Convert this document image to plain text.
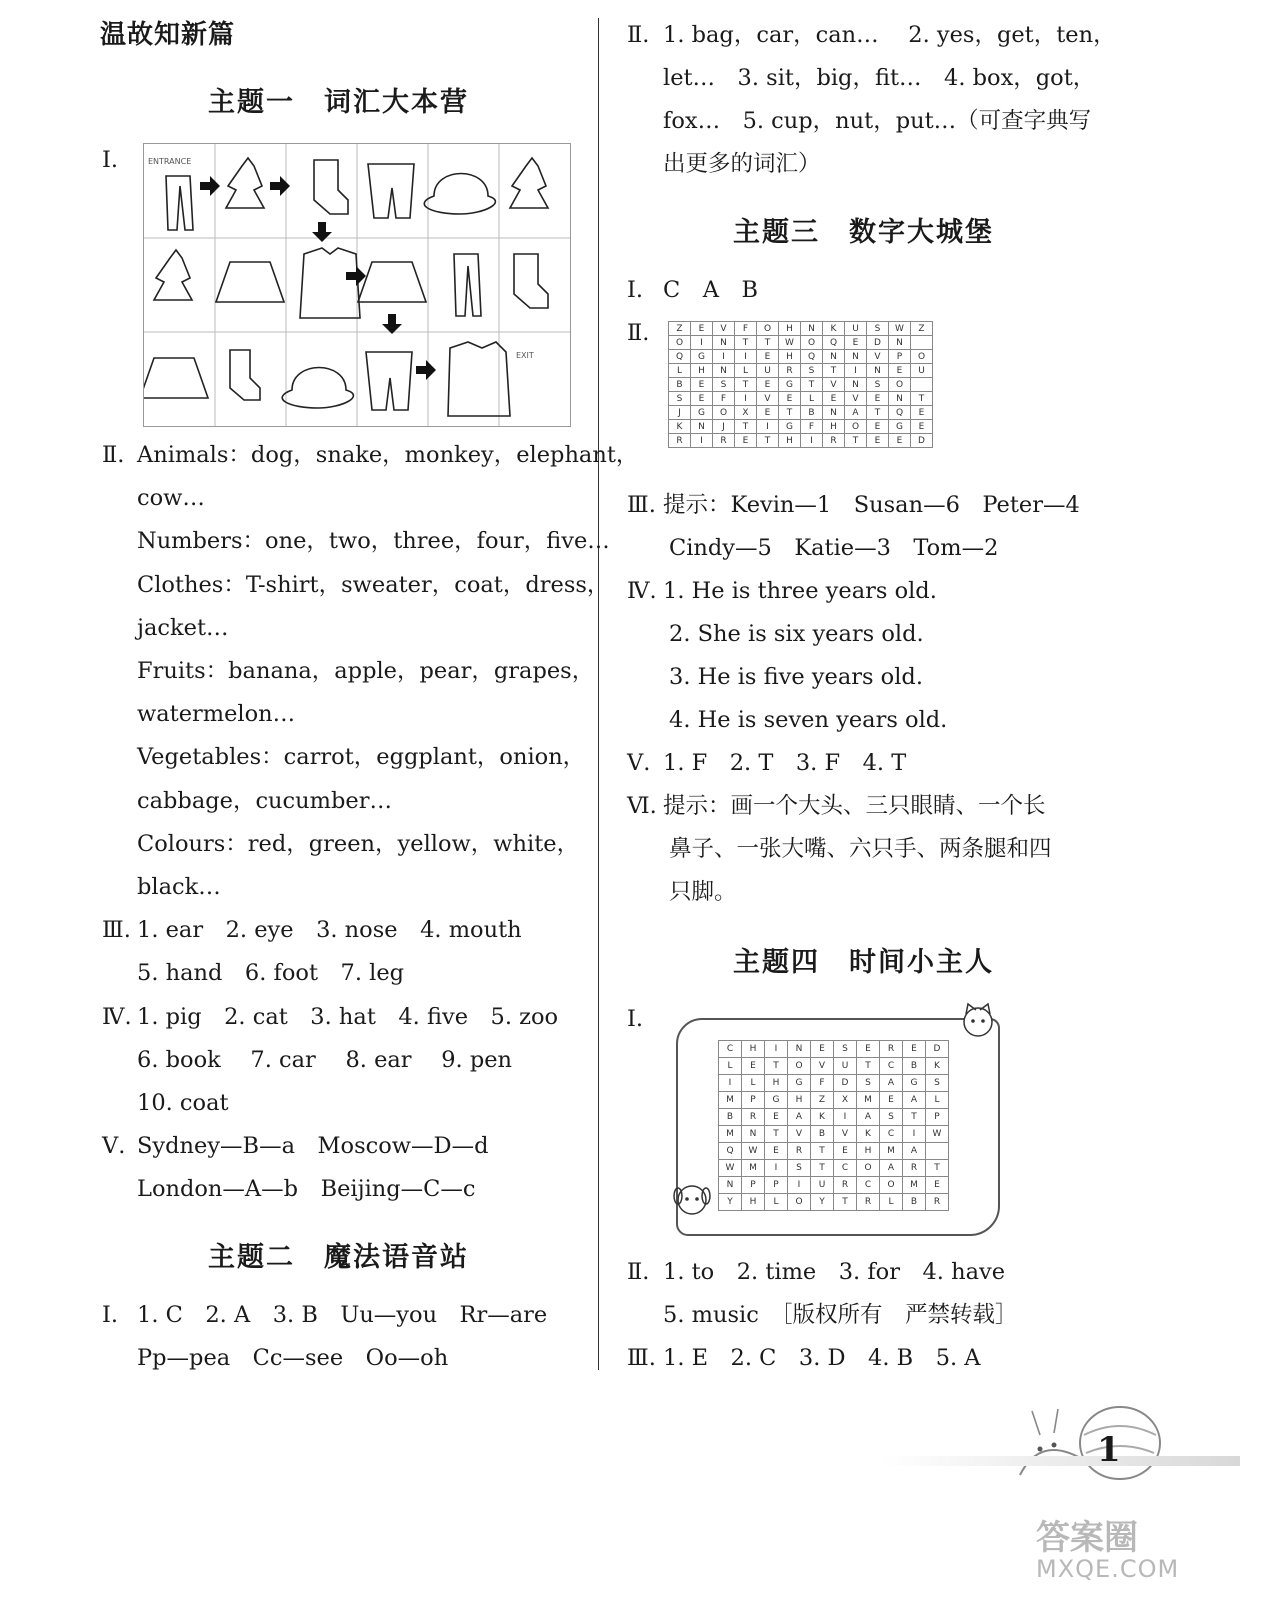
温故知新篇
主题一　词汇大本营
Ⅰ.
Ⅱ. Animals：dog，snake，monkey，elephant，
cow…
Numbers：one，two，three，four，five…
Clothes：T-shirt，sweater，coat，dress，
jacket…
Fruits：banana，apple，pear，grapes，
watermelon…
Vegetables：carrot，eggplant，onion，
cabbage，cucumber…
Colours：red，green，yellow，white，
black…
Ⅲ. 1. ear　2. eye　3. nose　4. mouth
5. hand　6. foot　7. leg
Ⅳ. 1. pig　2. cat　3. hat　4. five　5. zoo
6. book　 7. car　 8. ear　 9. pen
10. coat
Ⅴ. Sydney—B—a　Moscow—D—d
London—A—b　Beijing—C—c
ENTRANCE
EXIT
主题二　魔法语音站
Ⅰ. 1. C　2. A　3. B　Uu—you　Rr—are
Pp—pea　Cc—see　Oo—oh
Ⅱ. 1. bag，car，can…　 2. yes，get，ten，
let…　3. sit，big，fit…　4. box，got，
fox…　5. cup，nut，put…（可查字典写
出更多的词汇）
主题三　数字大城堡
Ⅰ. C　A　B
Ⅱ.
Ⅲ. 提示：Kevin—1　Susan—6　Peter—4
Cindy—5　Katie—3　Tom—2
Ⅳ. 1. He is three years old.
2. She is six years old.
3. He is five years old.
4. He is seven years old.
Ⅴ. 1. F　2. T　3. F　4. T
Ⅵ. 提示：画一个大头、三只眼睛、一个长
鼻子、一张大嘴、六只手、两条腿和四
只脚。
Z	E	V	F	O	H	N	K	U	S	W	Z
O	I	N	T	T	W	O	Q	E	D	N	
Q	G	I	I	E	H	Q	N	N	V	P	O
L	H	N	L	U	R	S	T	I	N	E	U
B	E	S	T	E	G	T	V	N	S	O	
S	E	F	I	V	E	L	E	V	E	N	T
J	G	O	X	E	T	B	N	A	T	Q	E
K	N	J	T	I	G	F	H	O	E	G	E
R	I	R	E	T	H	I	R	T	E	E	D
主题四　时间小主人
Ⅰ.
Ⅱ. 1. to　2. time　3. for　4. have
5. music　［版权所有　严禁转载］
Ⅲ. 1. E　2. C　3. D　4. B　5. A
C	H	I	N	E	S	E	R	E	D
L	E	T	O	V	U	T	C	B	K
I	L	H	G	F	D	S	A	G	S
M	P	G	H	Z	X	M	E	A	L
B	R	E	A	K	I	A	S	T	P
M	N	T	V	B	V	K	C	I	W
Q	W	E	R	T	E	H	M	A	
W	M	I	S	T	C	O	A	R	T
N	P	P	I	U	R	C	O	M	E
Y	H	L	O	Y	T	R	L	B	R
1
答案圈
MXQE.COM
